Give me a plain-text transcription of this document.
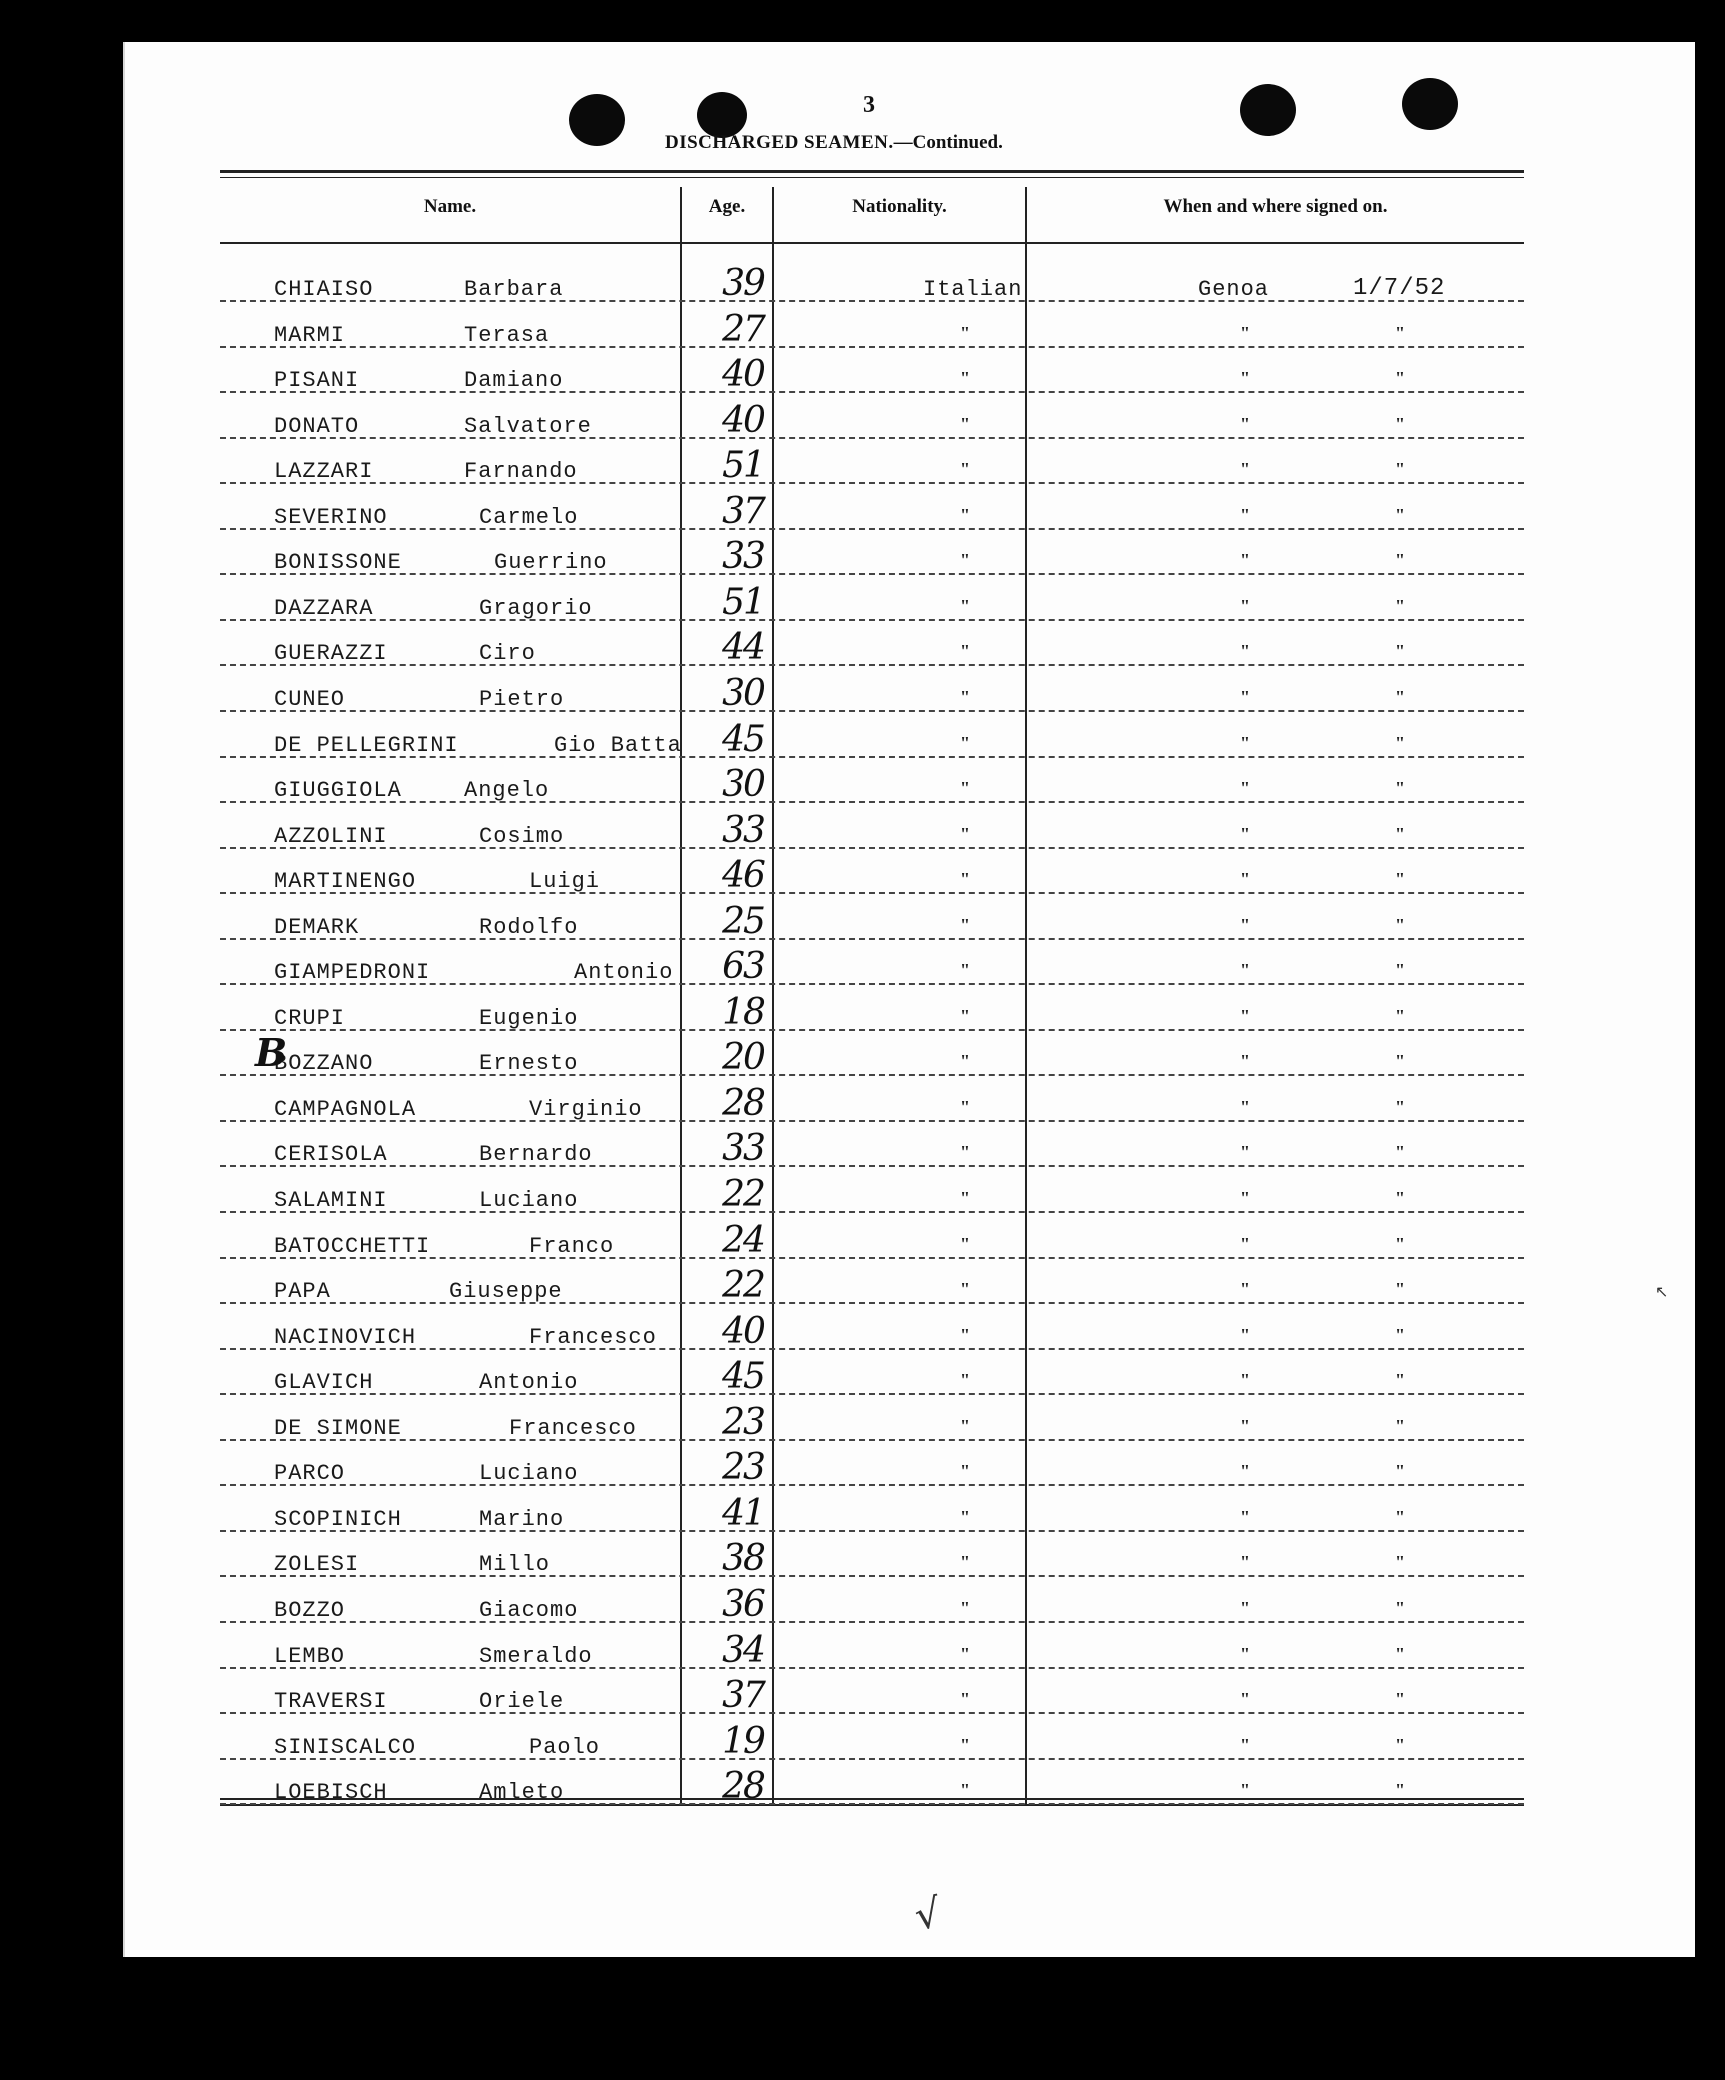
3
DISCHARGED SEAMEN.—Continued.
Name.	Age.	Nationality.	When and where signed on.
CHIAISO	Barbara	39	Italian	Genoa	1/7/52
MARMI	Terasa	27	"	"	"
PISANI	Damiano	40	"	"	"
DONATO	Salvatore	40	"	"	"
LAZZARI	Farnando	51	"	"	"
SEVERINO	Carmelo	37	"	"	"
BONISSONE	Guerrino	33	"	"	"
DAZZARA	Gragorio	51	"	"	"
GUERAZZI	Ciro	44	"	"	"
CUNEO	Pietro	30	"	"	"
DE PELLEGRINI	Gio Batta	45	"	"	"
GIUGGIOLA	Angelo	30	"	"	"
AZZOLINI	Cosimo	33	"	"	"
MARTINENGO	Luigi	46	"	"	"
DEMARK	Rodolfo	25	"	"	"
GIAMPEDRONI	Antonio	63	"	"	"
CRUPI	Eugenio	18	"	"	"
BOZZANO	Ernesto	20	"	"	"
CAMPAGNOLA	Virginio	28	"	"	"
CERISOLA	Bernardo	33	"	"	"
SALAMINI	Luciano	22	"	"	"
BATOCCHETTI	Franco	24	"	"	"
PAPA	Giuseppe	22	"	"	"
NACINOVICH	Francesco	40	"	"	"
GLAVICH	Antonio	45	"	"	"
DE SIMONE	Francesco	23	"	"	"
PARCO	Luciano	23	"	"	"
SCOPINICH	Marino	41	"	"	"
ZOLESI	Millo	38	"	"	"
BOZZO	Giacomo	36	"	"	"
LEMBO	Smeraldo	34	"	"	"
TRAVERSI	Oriele	37	"	"	"
SINISCALCO	Paolo	19	"	"	"
LOEBISCH	Amleto	28	"	"	"
↖
√
B
